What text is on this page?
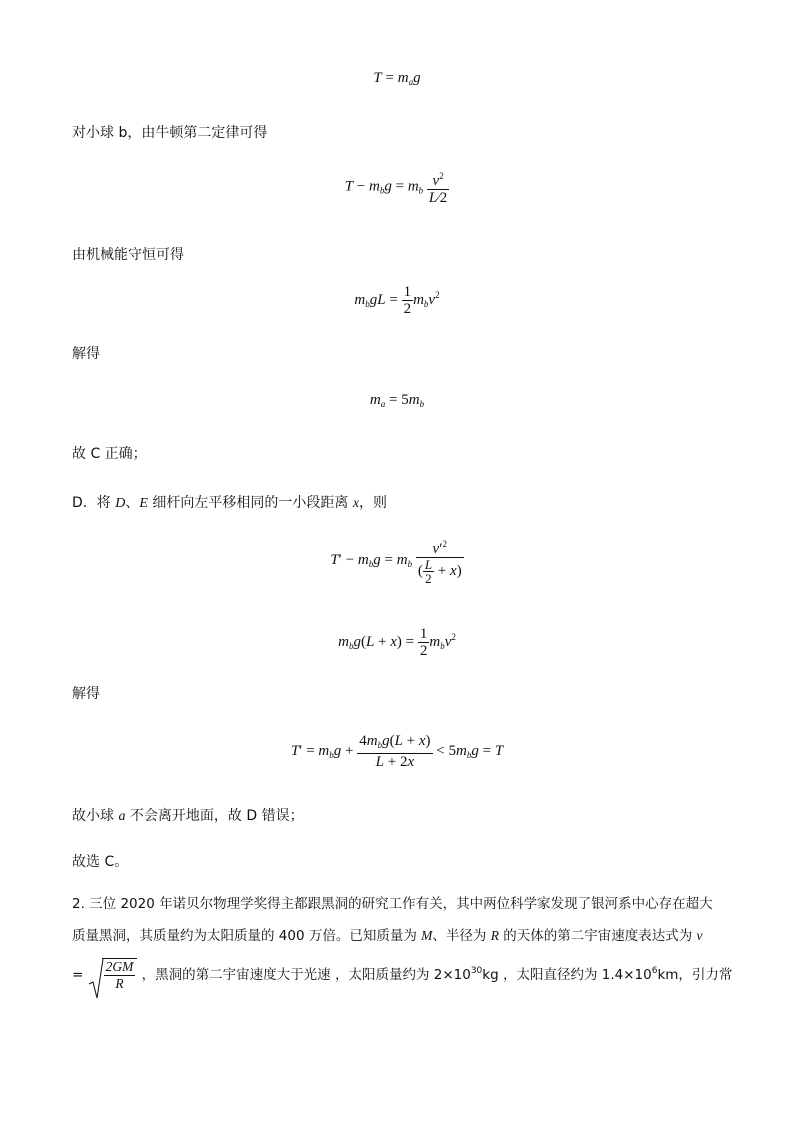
$T = m_ag$
对小球 b，由牛顿第二定律可得
$T - m_bg = m_b \frac{v^2}{L⁄2}$
由机械能守恒可得
$m_bgL = \frac{1}{2} m_bv^2$
解得
$m_a = 5m_b$
故 C 正确；
D．将 D、E 细杆向左平移相同的一小段距离 x，则
$T' - m_bg = m_b \frac{v'^2}{( \frac{L}{2} + x)}$
$m_bg(L + x) = \frac{1}{2} m_bv^2$
解得
$T' = m_bg + \frac{4m_bg(L + x)}{L + 2x} < 5m_bg = T$
故小球 a 不会离开地面，故 D 错误；
故选 C。
2. 三位 2020 年诺贝尔物理学奖得主都跟黑洞的研究工作有关，其中两位科学家发现了银河系中心存在超大
质量黑洞，其质量约为太阳质量的 400 万倍。已知质量为 M、半径为 R 的天体的第二宇宙速度表达式为 v
= $\frac{2GM}{R}$ ，黑洞的第二宇宙速度大于光速 ，太阳质量约为 $2\times 10^{30}kg$ ，太阳直径约为 $1.4\times 10^6km$，引力常
